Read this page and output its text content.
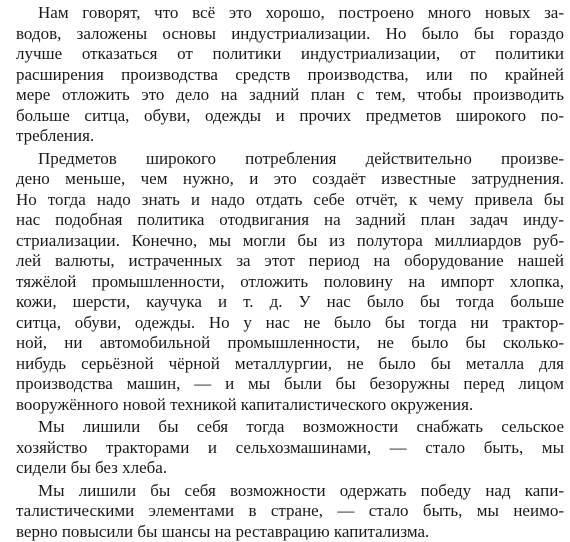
Нам говорят, что всё это хорошо, построено много новых за-
водов, заложены основы индустриализации. Но было бы гораздо
лучше отказаться от политики индустриализации, от политики
расширения производства средств производства, или по крайней
мере отложить это дело на задний план с тем, чтобы производить
больше ситца, обуви, одежды и прочих предметов широкого по-
требления.
Предметов широкого потребления действительно произве-
дено меньше, чем нужно, и это создаёт известные затруднения.
Но тогда надо знать и надо отдать себе отчёт, к чему привела бы
нас подобная политика отодвигания на задний план задач инду-
стриализации. Конечно, мы могли бы из полутора миллиардов руб-
лей валюты, истраченных за этот период на оборудование нашей
тяжёлой промышленности, отложить половину на импорт хлопка,
кожи, шерсти, каучука и т. д. У нас было бы тогда больше
ситца, обуви, одежды. Но у нас не было бы тогда ни трактор-
ной, ни автомобильной промышленности, не было бы сколько-
нибудь серьёзной чёрной металлургии, не было бы металла для
производства машин, — и мы были бы безоружны перед лицом
вооружённого новой техникой капиталистического окружения.
Мы лишили бы себя тогда возможности снабжать сельское
хозяйство тракторами и сельхозмашинами, — стало быть, мы
сидели бы без хлеба.
Мы лишили бы себя возможности одержать победу над капи-
талистическими элементами в стране, — стало быть, мы неимо-
верно повысили бы шансы на реставрацию капитализма.
